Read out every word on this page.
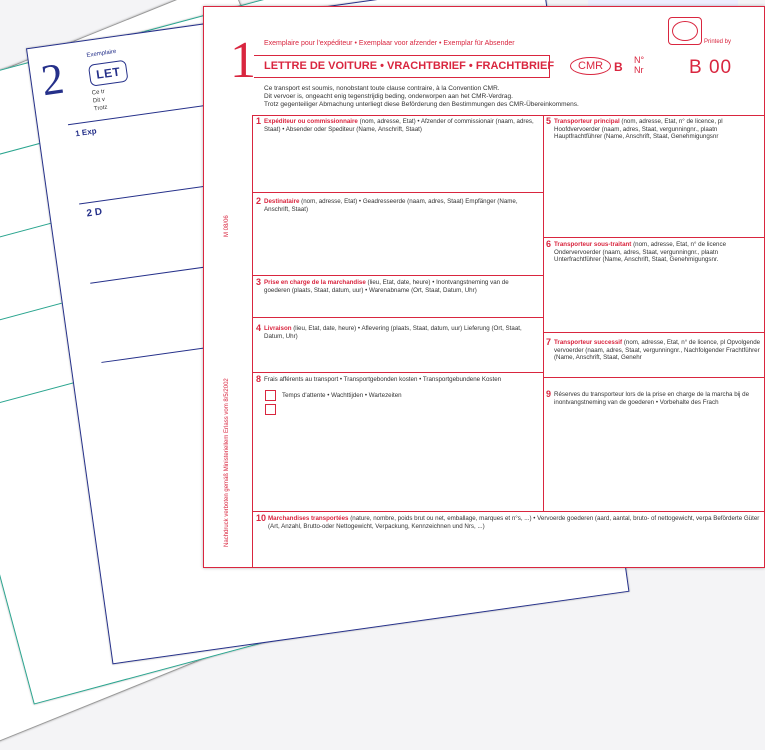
2	Exemplaire
LET
Ce tr
Dit v
Trotz
1 Exp
2 D
Printed by
1 Exemplaire pour l'expéditeur • Exemplaar voor afzender • Exemplar für Absender
LETTRE DE VOITURE • VRACHTBRIEF • FRACHTBRIEF	CMR B N°
Nr B 00
Ce transport est soumis, nonobstant toute clause contraire, à la Convention CMR.
Dit vervoer is, ongeacht enig tegenstrijdig beding, onderworpen aan het CMR-Verdrag.
Trotz gegenteiliger Abmachung unterliegt diese Beförderung den Bestimmungen des CMR-Übereinkommens.
1 Expéditeur ou commissionnaire (nom, adresse, Etat) • Afzender of commissionair (naam, adres, Staat) • Absender oder Spediteur (Name, Anschrift, Staat)
2 Destinataire (nom, adresse, Etat) • Geadresseerde (naam, adres, Staat) Empfänger (Name, Anschrift, Staat)
3 Prise en charge de la marchandise (lieu, Etat, date, heure) • Inontvangstneming van de goederen (plaats, Staat, datum, uur) • Warenabname (Ort, Staat, Datum, Uhr)
4 Livraison (lieu, Etat, date, heure) • Aflevering (plaats, Staat, datum, uur) Lieferung (Ort, Staat, Datum, Uhr)
8 Frais afférents au transport • Transportgebonden kosten • Transportgebundene Kosten
Temps d'attente • Wachttijden • Wartezeiten
5 Transporteur principal (nom, adresse, Etat, n° de licence, pl Hoofdvervoerder (naam, adres, Staat, vergunningnr., plaatn Hauptfrachtführer (Name, Anschrift, Staat, Genehmigungsnr
6 Transporteur sous-traitant (nom, adresse, Etat, n° de licence Ondervervoerder (naam, adres, Staat, vergunningnr., plaatn Unterfrachtführer (Name, Anschrift, Staat, Genehmigungsnr.
7 Transporteur successif (nom, adresse, Etat, n° de licence, pl Opvolgende vervoerder (naam, adres, Staat, vergunningnr., Nachfolgender Frachtführer (Name, Anschrift, Staat, Genehr
9 Réserves du transporteur lors de la prise en charge de la marcha bij de inontvangstneming van de goederen • Vorbehalte des Frach
10 Marchandises transportées (nature, nombre, poids brut ou net, emballage, marques et n°s, ...) • Vervoerde goederen (aard, aantal, bruto- of nettogewicht, verpa Beförderte Güter (Art, Anzahl, Brutto-oder Nettogewicht, Verpackung, Kennzeichnen und Nrs, ...)
Nachdruck verboten gemäß Ministeriellem Erlass vom 8/5/2002
M 08/06
